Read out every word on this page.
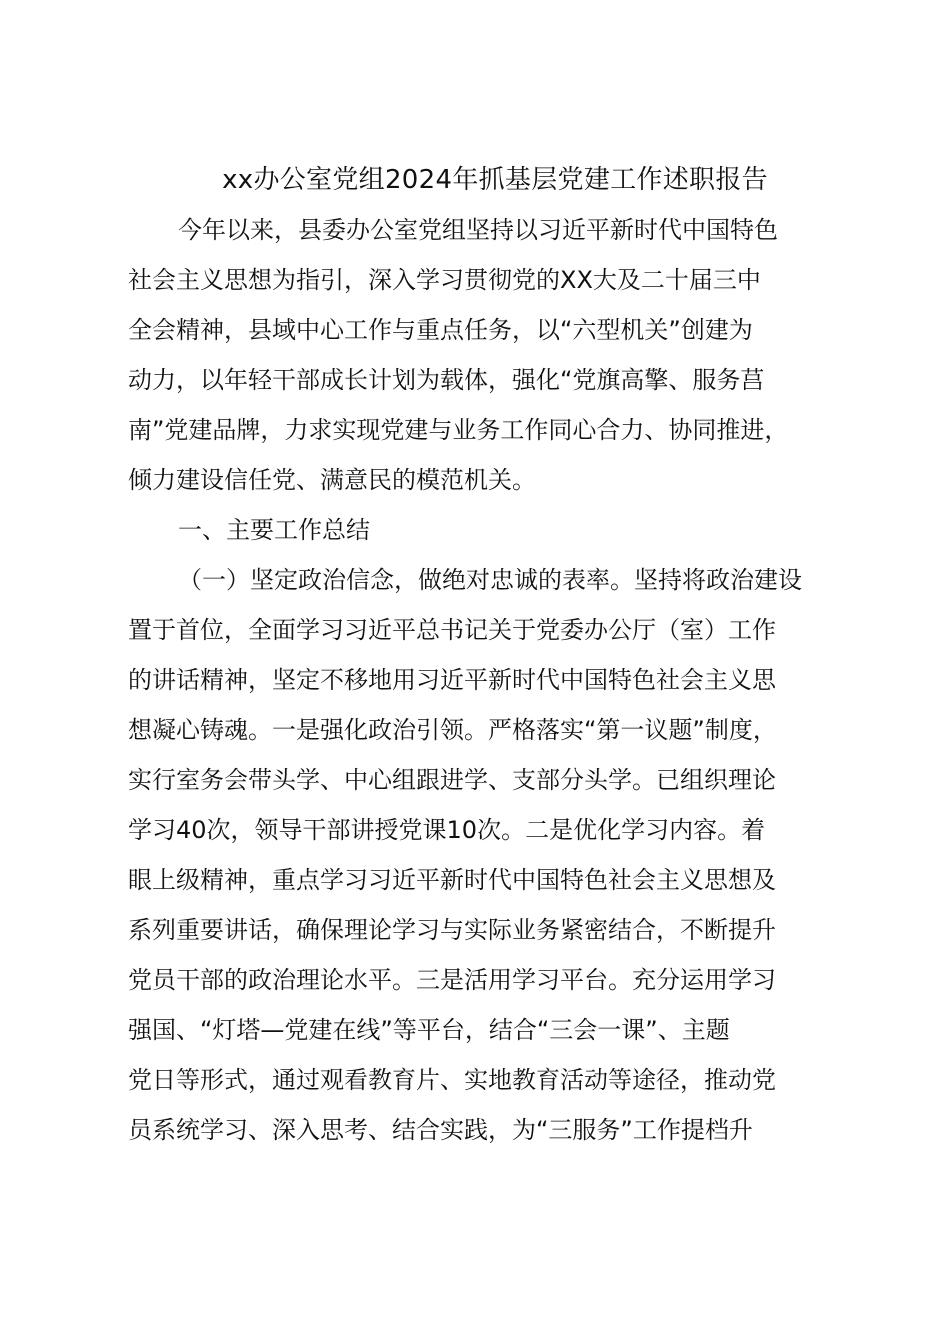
xx办公室党组2024年抓基层党建工作述职报告
今年以来，县委办公室党组坚持以习近平新时代中国特色
社会主义思想为指引，深入学习贯彻党的XX大及二十届三中
全会精神，县域中心工作与重点任务，以“六型机关”创建为
动力，以年轻干部成长计划为载体，强化“党旗高擎、服务莒
南”党建品牌，力求实现党建与业务工作同心合力、协同推进，
倾力建设信任党、满意民的模范机关。

一、主要工作总结

（一）坚定政治信念，做绝对忠诚的表率。坚持将政治建设
置于首位，全面学习习近平总书记关于党委办公厅（室）工作
的讲话精神，坚定不移地用习近平新时代中国特色社会主义思
想凝心铸魂。一是强化政治引领。严格落实“第一议题”制度，
实行室务会带头学、中心组跟进学、支部分头学。已组织理论
学习40次，领导干部讲授党课10次。二是优化学习内容。着
眼上级精神，重点学习习近平新时代中国特色社会主义思想及
系列重要讲话，确保理论学习与实际业务紧密结合，不断提升
党员干部的政治理论水平。三是活用学习平台。充分运用学习
强国、“灯塔—党建在线”等平台，结合“三会一课”、主题
党日等形式，通过观看教育片、实地教育活动等途径，推动党
员系统学习、深入思考、结合实践，为“三服务”工作提档升
